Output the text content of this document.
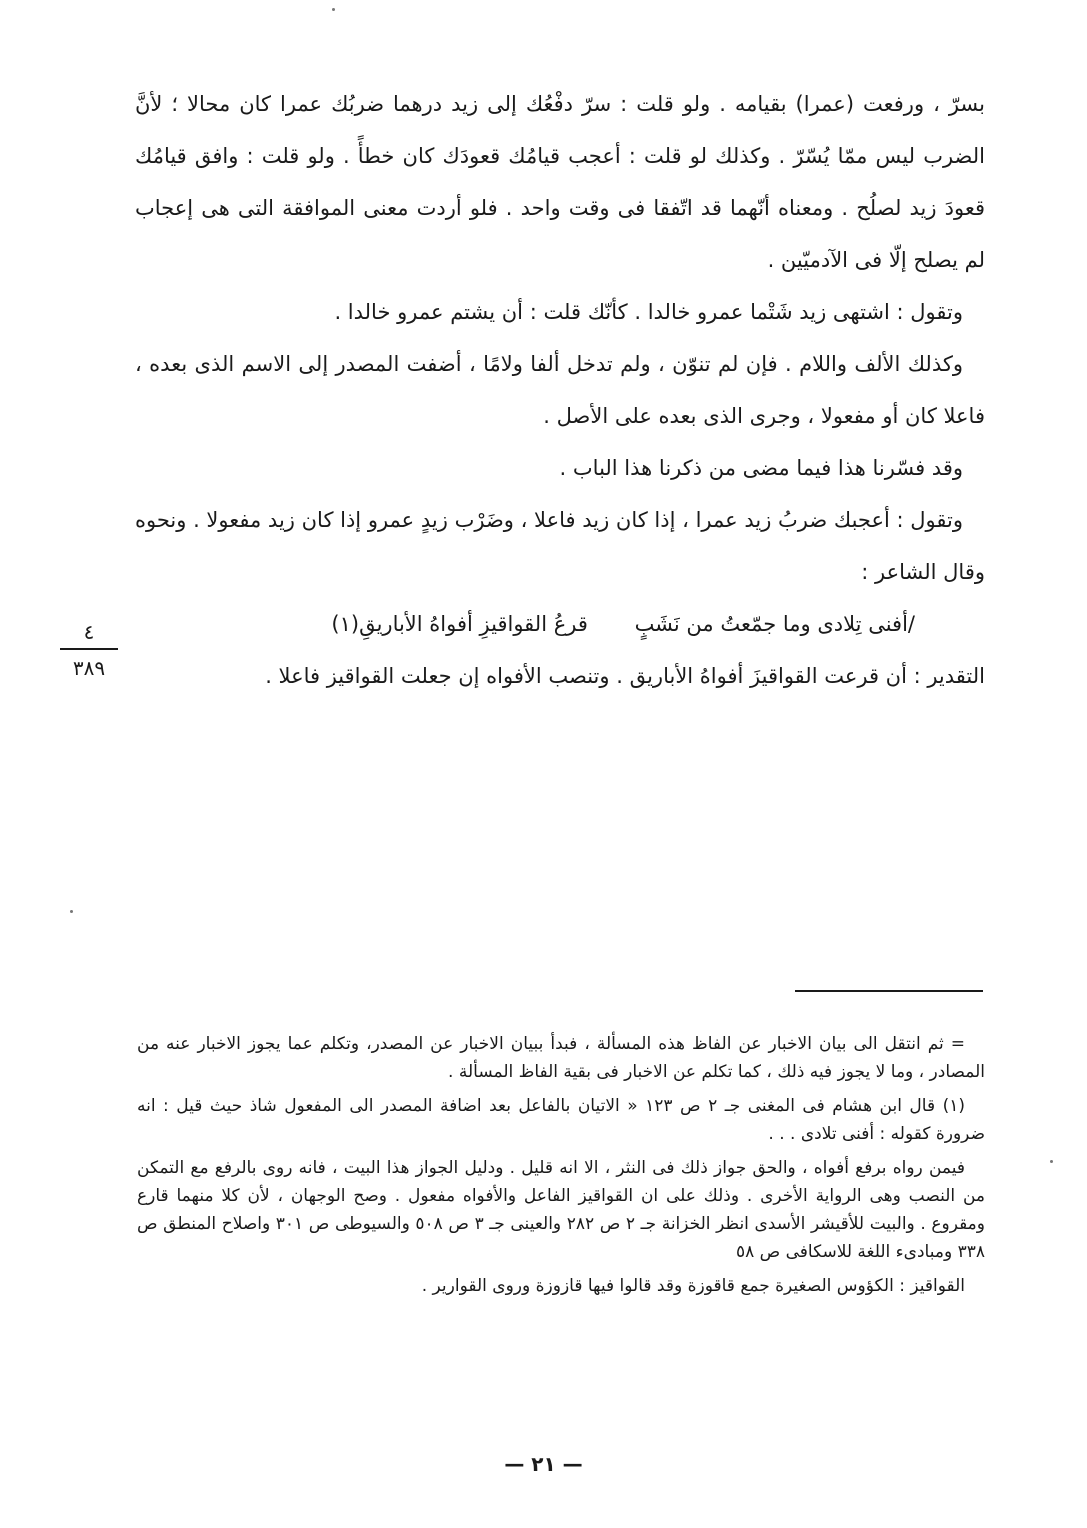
بسرّ ، ورفعت (عمرا) بقيامه . ولو قلت : سرّ دفْعُك إلى زيد درهما ضربُك عمرا كان محالا ؛ لأنَّ الضرب ليس ممّا يُسّرّ . وكذلك لو قلت : أعجب قيامُك قعودَك كان خطأً . ولو قلت : وافق قيامُك قعودَ زيد لصلُح . ومعناه أنّهما قد اتّفقا فى وقت واحد . فلو أردت معنى الموافقة التى هى إعجاب لم يصلح إلّا فى الآدميّين .

وتقول : اشتهى زيد شَتْما عمرو خالدا . كأنّك قلت : أن يشتم عمرو خالدا .

وكذلك الألف واللام . فإن لم تنوّن ، ولم تدخل ألفا ولامًا ، أضفت المصدر إلى الاسم الذى بعده ، فاعلا كان أو مفعولا ، وجرى الذى بعده على الأصل .

وقد فسّرنا هذا فيما مضى من ذكرنا هذا الباب .

وتقول : أعجبك ضربُ زيد عمرا ، إذا كان زيد فاعلا ، وضَرْب زيدٍ عمرو إذا كان زيد مفعولا . ونحوه وقال الشاعر :

/أفنى تِلادى وما جمّعتُ من نَشَبٍ قرعُ القواقيزِ أفواهُ الأباريقِ(١)

التقدير : أن قرعت القواقيزَ أفواهُ الأباريق . وتنصب الأفواه إن جعلت القواقيز فاعلا .

٤
٣٨٩

= ثم انتقل الى بيان الاخبار عن الفاظ هذه المسألة ، فبدأ ببيان الاخبار عن المصدر، وتكلم عما يجوز الاخبار عنه من المصادر ، وما لا يجوز فيه ذلك ، كما تكلم عن الاخبار فى بقية الفاظ المسألة .

(١) قال ابن هشام فى المغنى جـ ٢ ص ١٢٣ « الاتيان بالفاعل بعد اضافة المصدر الى المفعول شاذ حيث قيل : انه ضرورة كقوله : أفنى تلادى . . .

فيمن رواه برفع أفواه ، والحق جواز ذلك فى النثر ، الا انه قليل . ودليل الجواز هذا البيت ، فانه روى بالرفع مع التمكن من النصب وهى الرواية الأخرى . وذلك على ان القواقيز الفاعل والأفواه مفعول . وصح الوجهان ، لأن كلا منهما قارع ومقروع . والبيت للأقيشر الأسدى انظر الخزانة جـ ٢ ص ٢٨٢ والعينى جـ ٣ ص ٥٠٨ والسيوطى ص ٣٠١ واصلاح المنطق ص ٣٣٨ ومبادىء اللغة للاسكافى ص ٥٨

القواقيز : الكؤوس الصغيرة جمع قاقوزة وقد قالوا فيها قازوزة وروى القوارير .

— ٢١ —
